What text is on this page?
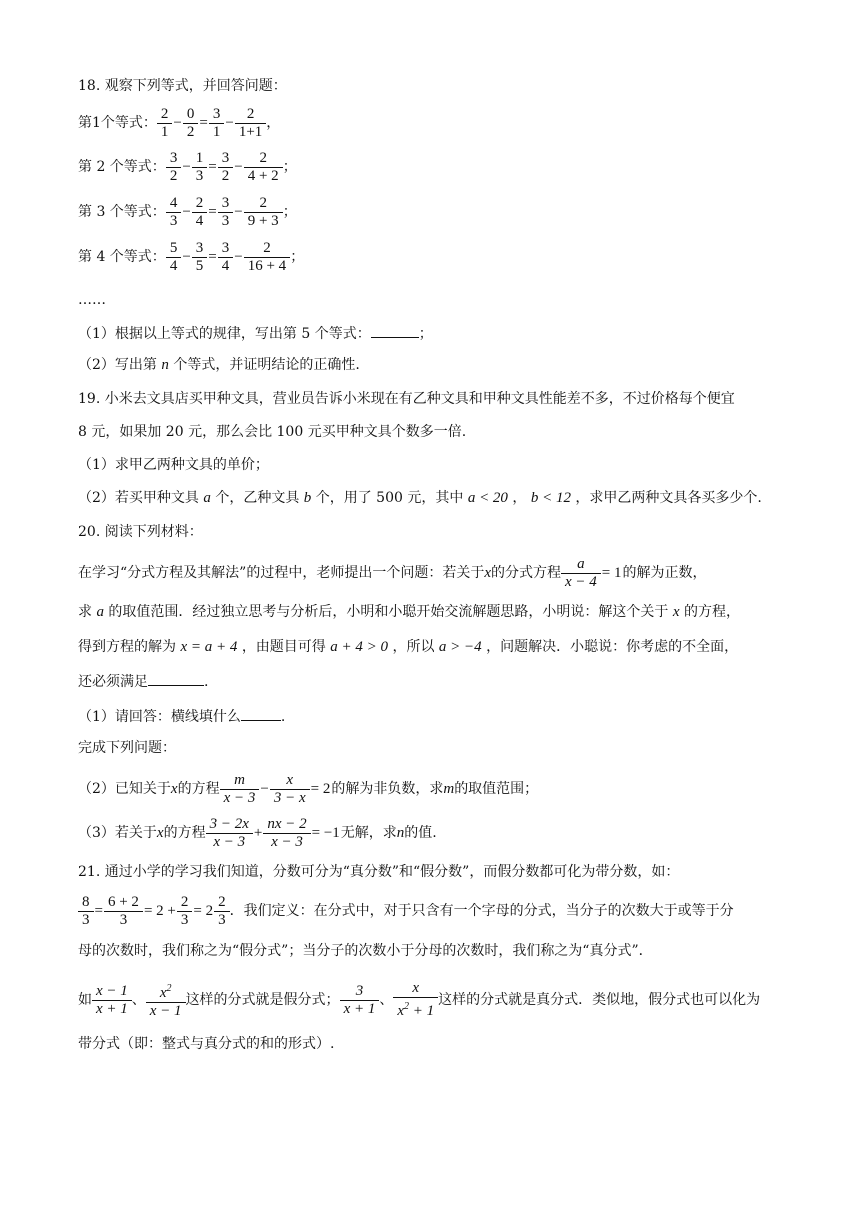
18. 观察下列等式，并回答问题：
第1个等式： $\frac{2}{1} - \frac{0}{2} = \frac{3}{1} - \frac{2}{1+1}$ ，
第 2 个等式： $\frac{3}{2} - \frac{1}{3} = \frac{3}{2} - \frac{2}{4 + 2}$ ；
第 3 个等式： $\frac{4}{3} - \frac{2}{4} = \frac{3}{3} - \frac{2}{9 + 3}$ ；
第 4 个等式： $\frac{5}{4} - \frac{3}{5} = \frac{3}{4} - \frac{2}{16 + 4}$ ；
……
（1）根据以上等式的规律，写出第 5 个等式：	；
（2）写出第 n 个等式，并证明结论的正确性.
19. 小米去文具店买甲种文具，营业员告诉小米现在有乙种文具和甲种文具性能差不多，不过价格每个便宜
8 元，如果加 20 元，那么会比 100 元买甲种文具个数多一倍.
（1）求甲乙两种文具的单价；
（2）若买甲种文具 a 个，乙种文具 b 个，用了 500 元，其中 a < 20 ， b < 12 ，求甲乙两种文具各买多少个.
20. 阅读下列材料：
在学习“分式方程及其解法”的过程中，老师提出一个问题：若关于 x 的分式方程 $\frac{a}{x - 4} = 1$ 的解为正数，
求 a 的取值范围．经过独立思考与分析后，小明和小聪开始交流解题思路，小明说：解这个关于 x 的方程，
得到方程的解为 x = a + 4 ，由题目可得 a + 4 > 0 ，所以 a > −4 ，问题解决．小聪说：你考虑的不全面，
还必须满足	.
（1）请回答：横线填什么	.
完成下列问题：
（2）已知关于 x 的方程 $\frac{m}{x - 3} - \frac{x}{3 - x} = 2$ 的解为非负数，求 m 的取值范围；
（3）若关于 x 的方程 $\frac{3 - 2x}{x - 3} + \frac{nx - 2}{x - 3} = -1$ 无解，求 n 的值.
21. 通过小学的学习我们知道，分数可分为“真分数”和“假分数”，而假分数都可化为带分数，如：
$\frac{8}{3} = \frac{6 + 2}{3} = 2 + \frac{2}{3} = 2 \frac{2}{3}$ ．我们定义：在分式中，对于只含有一个字母的分式，当分子的次数大于或等于分
母的次数时，我们称之为“假分式”；当分子的次数小于分母的次数时，我们称之为“真分式”．
如 $\frac{x - 1}{x + 1}$ 、 $\frac{x^2}{x - 1}$ 这样的分式就是假分式； $\frac{3}{x + 1}$ 、 $\frac{x}{x^2 + 1}$ 这样的分式就是真分式．类似地，假分式也可以化为
带分式（即：整式与真分式的和的形式）.
